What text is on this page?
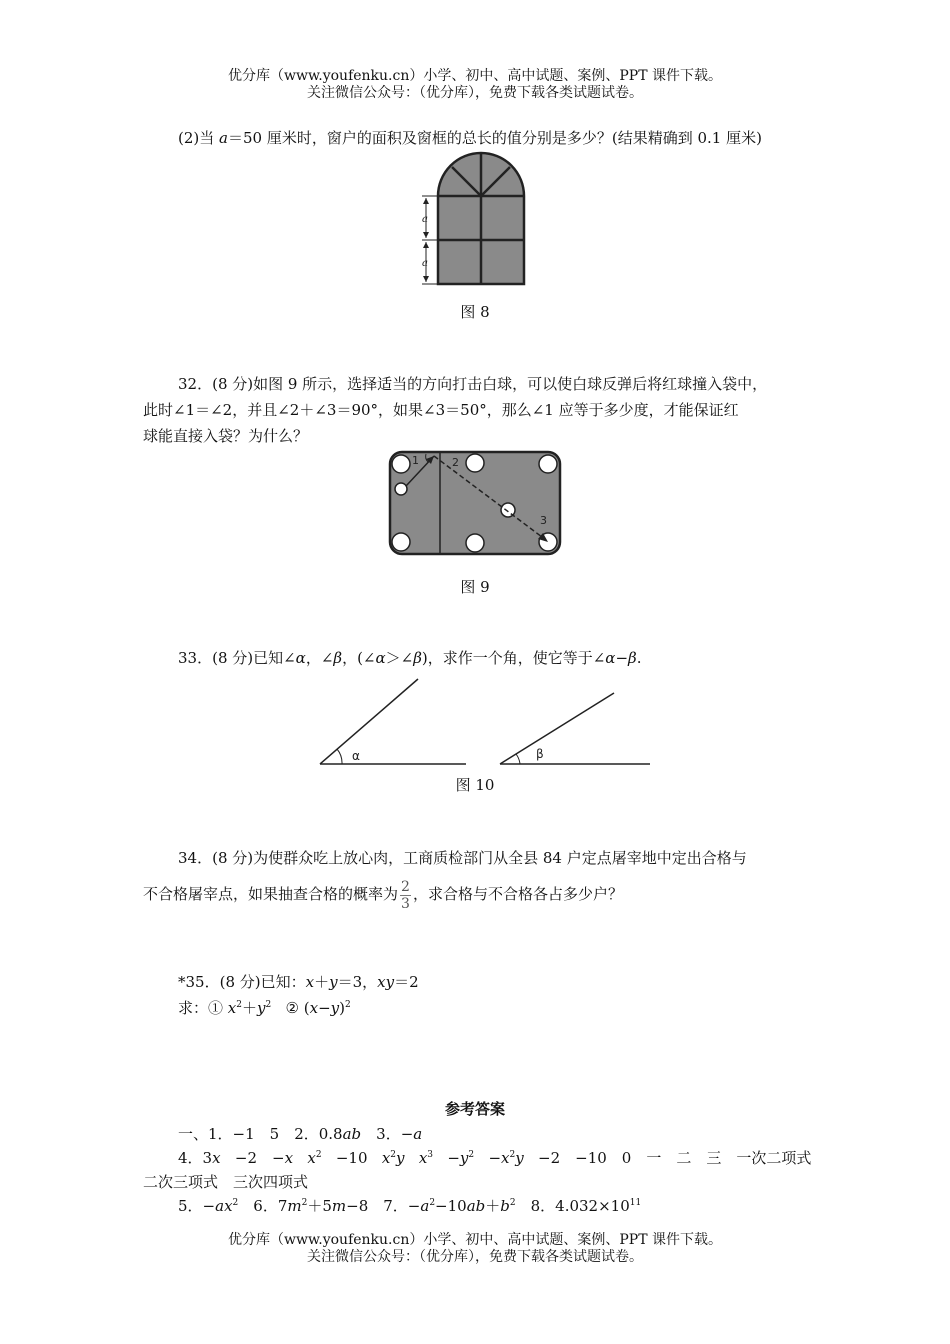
优分库（www.youfenku.cn）小学、初中、高中试题、案例、PPT 课件下载。
关注微信公众号：（优分库），免费下载各类试题试卷。
(2)当 a＝50 厘米时，窗户的面积及窗框的总长的值分别是多少？(结果精确到 0.1 厘米)
a
a
图 8
32．(8 分)如图 9 所示，选择适当的方向打击白球，可以使白球反弹后将红球撞入袋中，
此时∠1＝∠2，并且∠2＋∠3＝90°，如果∠3＝50°，那么∠1 应等于多少度，才能保证红
球能直接入袋？为什么？
1	2
3
图 9
33．(8 分)已知∠α，∠β，(∠α＞∠β)，求作一个角，使它等于∠α−β.
α	β
图 10
34．(8 分)为使群众吃上放心肉，工商质检部门从全县 84 户定点屠宰地中定出合格与
不合格屠宰点，如果抽查合格的概率为 $\frac{2}{3}$ ，求合格与不合格各占多少户？
*35．(8 分)已知：x＋y＝3，xy＝2
求：① $x^2+y^2$ ② $(x-y)^2$
参考答案
一、1．−1　5　2．0.8ab　3．−a
4．3x −2　−x $x^2 -10$ $x^2y$ $x^3 -y^2 -x^2y -2$　−10　0　一　二　三　一次二项式
二次三项式　三次四项式
5．$-ax^2$　6．$7m^2+5m-8$　7．$-a^2-10ab+b^2$　8．$4.032\times 10^{11}$
优分库（www.youfenku.cn）小学、初中、高中试题、案例、PPT 课件下载。
关注微信公众号：（优分库），免费下载各类试题试卷。
